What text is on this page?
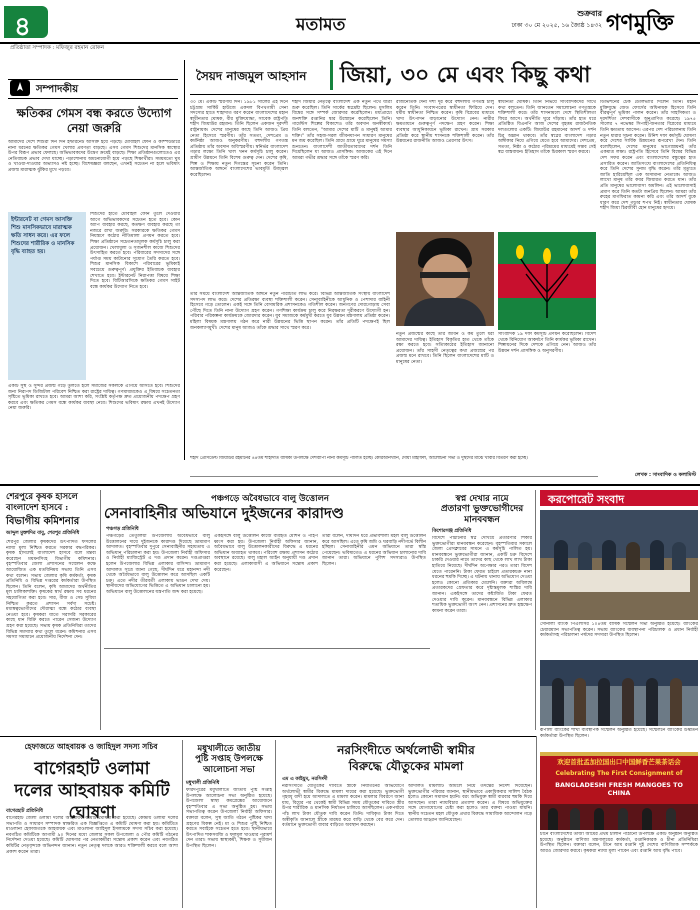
৪	মতামত
শুক্রবার
ঢাকা ৩০ মে ২০২৫, ১৬ জ্যৈষ্ঠ ১৪৩২ গণমুক্তি
প্রতিষ্ঠাতা সম্পাদক : মফিজুর রহমান রোকন
সম্পাদকীয়
ক্ষতিকর গেমস বন্ধ করতে উদ্যোগ নেয়া জরুরি
আমাদের দেশে শিশুরা দিন দিন ইন্টারনেট আসক্ত হয়ে পড়ছে। মোবাইল ফোন ও কম্পিউটারে নানা ধরনের ক্ষতিকর গেমস খেলার প্রবণতা বাড়ছে। এসব গেমস শিশুদের মানসিক স্বাস্থ্যের উপর বিরূপ প্রভাব ফেলছে। অভিভাবকদের উদ্বেগ ক্রমেই বাড়ছে। শিক্ষা প্রতিষ্ঠানগুলোতেও এর নেতিবাচক প্রভাব দেখা যাচ্ছে। পড়াশোনায় অমনোযোগী হয়ে পড়ছে শিক্ষার্থীরা। সময়মতো ঘুম ও খাওয়া-দাওয়ার অভ্যাসও নষ্ট হচ্ছে। বিশেষজ্ঞরা বলছেন, এখনই সচেতন না হলে ভবিষ্যৎ প্রজন্ম মারাত্মক ঝুঁকির মুখে পড়বে।
ইন্টারনেট বা গেমস আসক্তি শিশু মানসিকভাবে মারাত্মক ক্ষতি সাধন করে। এর ফলে শিশুদের শারীরিক ও মানসিক বৃদ্ধি ব্যাহত হয়।
শিশুদের হাতে মোবাইল ফোন তুলে দেওয়ার আগে অভিভাবকদের সচেতন হতে হবে। কোন অ্যাপ ব্যবহার করছে, কতক্ষণ ব্যবহার করছে তা নজরে রাখা জরুরি। সরকারকে ক্ষতিকর গেমস নিয়ন্ত্রণে কঠোর নীতিমালা প্রণয়ন করতে হবে। শিক্ষা প্রতিষ্ঠানে সচেতনতামূলক কর্মসূচি চালু করা প্রয়োজন। খেলাধুলা ও সৃজনশীল কাজে শিশুদের উৎসাহিত করতে হবে। পরিবারের সদস্যদের সঙ্গে পর্যাপ্ত সময় কাটানোর সুযোগ তৈরি করতে হবে। শিশুর মানসিক বিকাশে পরিবারের ভূমিকাই সবচেয়ে গুরুত্বপূর্ণ। প্রযুক্তির ইতিবাচক ব্যবহার শেখাতে হবে। ইন্টারনেট নিরাপত্তা বিষয়ে শিক্ষা দিতে হবে। বিটিআরসিকে ক্ষতিকর গেমস সাইট বন্ধে কার্যকর উদ্যোগ নিতে হবে।
একটি সুস্থ ও সুন্দর প্রজন্ম গড়ে তুলতে হলে সমাজের সকলকে এগিয়ে আসতে হবে। শিশুদের জন্য নিরাপদ ডিজিটাল পরিবেশ নিশ্চিত করা রাষ্ট্রের দায়িত্ব। গণমাধ্যমকেও এ বিষয়ে সচেতনতা সৃষ্টিতে ভূমিকা রাখতে হবে। আমরা আশা করি, সংশ্লিষ্ট কর্তৃপক্ষ দ্রুত প্রয়োজনীয় পদক্ষেপ গ্রহণ করবে এবং ক্ষতিকর গেমস বন্ধে কার্যকর ব্যবস্থা নেবে। শিশুদের ভবিষ্যৎ রক্ষায় এখনই উদ্যোগ নেয়া জরুরি।
সৈয়দ নাজমুল আহসান জিয়া, ৩০ মে এবং কিছু কথা
৩০ মে। একটি স্মরণীয় দিন। ১৯৮১ সালের এই দিনে চট্টগ্রাম সার্কিট হাউজে একদল বিপথগামী সেনা সদস্যের হাতে শাহাদাত বরণ করেন বাংলাদেশের মহান স্বাধীনতার ঘোষক, বীর মুক্তিযোদ্ধা, সাবেক রাষ্ট্রপতি শহীদ জিয়াউর রহমান। তিনি ছিলেন একজন দূরদর্শী রাষ্ট্রনায়ক। দেশের মানুষের কাছে তিনি আজও প্রিয় নেতা হিসেবে স্মরণীয়। তাঁর সততা, দেশপ্রেম ও কর্মনিষ্ঠা আজও অনুকরণীয়। বহুদলীয় গণতন্ত্র প্রতিষ্ঠায় তাঁর অবদান অবিস্মরণীয়। স্বনির্ভর বাংলাদেশ গড়ার লক্ষ্যে তিনি খাল খনন কর্মসূচি চালু করেন। গ্রামীণ উন্নয়নে তিনি বিশেষ গুরুত্ব দেন। দেশের কৃষি, শিল্প ও শিক্ষায় নতুন দিগন্তের সূচনা করেন তিনি। আন্তর্জাতিক অঙ্গনে বাংলাদেশের ভাবমূর্তি উজ্জ্বল করেছিলেন।
শহীদ জিয়ার নেতৃত্বে বাংলাদেশ এক নতুন পথে যাত্রা শুরু করেছিল। তিনি সার্কের স্বপ্নদ্রষ্টা ছিলেন। মুসলিম বিশ্বের সঙ্গে সম্পর্ক জোরদার করেছিলেন। মধ্যপ্রাচ্যে জনশক্তি রপ্তানির দ্বার উন্মোচন করেছিলেন তিনি। গার্মেন্টস শিল্পের বিকাশেও তাঁর অবদান অনস্বীকার্য। তিনি বলতেন, "আমার দেশের মাটি ও মানুষই আমার শক্তি।" তাঁর সহজ-সরল জীবনযাপন সাধারণ মানুষের মন জয় করেছিল। তিনি গ্রামে গ্রামে ঘুরে মানুষের সমস্যা শুনতেন। বাংলাদেশী জাতীয়তাবাদের দর্শন তিনি দিয়েছিলেন যা আজও প্রাসঙ্গিক। আজকের এই দিনে আমরা গভীর শ্রদ্ধার সঙ্গে তাঁকে স্মরণ করি।
রাজনৈতিক দৈন্য দশা দূর করে বহুদলীয় গণতন্ত্র চালু করেন তিনি। সংবাদপত্রের স্বাধীনতা ফিরিয়ে দেন। ধর্মীয় স্বাধীনতা নিশ্চিত করেন। কৃষি বিপ্লবের মাধ্যমে খাদ্য উৎপাদন বাড়ানোর উদ্যোগ নেন। নারীর ক্ষমতায়নে গুরুত্বপূর্ণ পদক্ষেপ গ্রহণ করেন। শিক্ষা ব্যবস্থার আধুনিকায়নে ভূমিকা রাখেন। গ্রাম সরকার প্রতিষ্ঠা করে স্থানীয় শাসনকে শক্তিশালী করেন। তাঁর উন্নয়নের রাজনীতি আজও প্রেরণার উৎস।
স্বাধীনতা ঘোষক। তিনি নির্ভয়ে সাংবাদিকদের সাথে কথা বলতেন। তিনি জানতেন সমালোচনা গণতন্ত্রকে শক্তিশালী করে। তাঁর শাসনামলে দেশে স্থিতিশীলতা ফিরে আসে। অর্থনীতি ঘুরে দাঁড়ায়। তাঁর হাত ধরে প্রতিষ্ঠিত বিএনপি আজ দেশের বৃহত্তম রাজনৈতিক দলগুলোর একটি। জিয়াউর রহমানের আদর্শ ও দর্শন চির অম্লান থাকবে। তাঁর স্বপ্নের বাংলাদেশ গড়ার অঙ্গীকার নিয়ে এগিয়ে যেতে হবে আমাদের। দেশপ্রেম, সততা, নিষ্ঠা ও কঠোর পরিশ্রমের মাধ্যমেই সম্ভব সেই স্বপ্ন বাস্তবায়ন। ইতিহাস তাঁকে চিরকাল স্মরণ করবে।
ডিভিশনের চেক ডেলিভারি দিলেন তিনি। মহান মুক্তিযুদ্ধে জেড ফোর্সের অধিনায়ক হিসেবে তিনি বীরত্বপূর্ণ ভূমিকা পালন করেন। তাঁর সাহসিকতা ও দূরদর্শিতা দেশবাসীকে অনুপ্রাণিত করেছে। ১৯৭৫ সালের ৭ নভেম্বর সিপাহী-জনতার বিপ্লবের মাধ্যমে তিনি ক্ষমতায় আসেন। এরপর দেশ পরিচালনায় তিনি নতুন ধারার সূচনা করেন। উনিশ দফা কর্মসূচি ঘোষণা করে দেশের সার্বিক উন্নয়নের রূপরেখা দেন। তিনি বলেছিলেন, দেশের মানুষের ভাগ্যোন্নয়নই তাঁর একমাত্র লক্ষ্য। রাষ্ট্রপতি হিসেবে তিনি বিশ্বের বিভিন্ন দেশ সফর করেন এবং বাংলাদেশের বন্ধুত্বের হাত প্রসারিত করেন। জাতিসংঘে বাংলাদেশের প্রতিনিধিত্ব করে তিনি দেশের সুনাম বৃদ্ধি করেন। তাঁর মৃত্যুতে জাতি হারিয়েছিল এক অসামান্য নেতাকে। আজও লাখো মানুষ তাঁর কবর জিয়ারত করতে যান। তাঁর প্রতি মানুষের ভালোবাসা অমলিন। এই ভালোবাসাই প্রমাণ করে তিনি কতটা জনপ্রিয় ছিলেন। আমরা তাঁর রুহের মাগফিরাত কামনা করি এবং তাঁর আদর্শ বুকে ধারণ করে দেশ গড়ার শপথ নিই। স্বাধীনতার ঘোষক শহীদ জিয়া চিরজীবী হোন মানুষের হৃদয়ে।
নতুন প্রজন্মের কাছে তাঁর জীবন ও কর্ম তুলে ধরা আমাদের দায়িত্ব। ইতিহাস বিকৃতির হাত থেকে তাঁকে রক্ষা করতে হবে। সত্যিকারের ইতিহাস জানানো প্রয়োজন। তাঁর সাহসী নেতৃত্বের কথা প্রজন্মের পর প্রজন্ম মনে রাখবে। তিনি ছিলেন বাংলাদেশের মাটি ও মানুষের নেতা।
সাংবাদিক ১৯ দফা কর্মসূচি প্রণয়ন করেছিলেন। বিদেশ থেকে বিনিয়োগ আকর্ষণে তিনি কার্যকর ভূমিকা রাখেন। শিল্পায়নের দিকে দেশকে এগিয়ে নেন। আজও তাঁর উন্নয়ন দর্শন প্রাসঙ্গিক ও অনুসরণীয়।
তাঁর সময়ে বাংলাদেশ আন্তর্জাতিক অঙ্গনে নতুন পরিচিতি লাভ করে। বিভিন্ন আন্তর্জাতিক সংস্থায় বাংলাদেশ সদস্যপদ লাভ করে। দেশের প্রতিরক্ষা ব্যবস্থা শক্তিশালী করেন। সেনাবাহিনীকে আধুনিক ও পেশাদার বাহিনী হিসেবে গড়ে তোলেন। একই সঙ্গে তিনি বেসামরিক প্রশাসনকেও গতিশীল করেন। জনগণের দোরগোড়ায় সেবা পৌঁছে দিতে তিনি নানা উদ্যোগ গ্রহণ করেন। গণশিক্ষা কার্যক্রম চালু করে নিরক্ষরতা দূরীকরণে উদ্যোগী হন। পরিবার পরিকল্পনা কার্যক্রমকে জোরদার করেন। যুব সমাজকে কর্মমুখী করতে যুব উন্নয়ন মন্ত্রণালয় প্রতিষ্ঠা করেন। মহিলা বিষয়ক মন্ত্রণালয় গঠন করে নারী উন্নয়নের ভিত্তি স্থাপন করেন। তাঁর প্রতিটি পদক্ষেপই ছিল জনকল্যাণমুখী। দেশের মানুষ আজও তাঁকে শ্রদ্ধার সাথে স্মরণ করে।
লেখক : সাংবাদিক ও কলামিস্ট
শহীদ প্রেসিডেন্ট জিয়াউর রহমানের ৪৪তম শাহাদাত বার্ষিকী উপলক্ষে দেশব্যাপী নানা কর্মসূচি পালিত হচ্ছে। কোরআনখানি, দোয়া মাহফিল, আলোচনা সভা ও দুস্থদের মাঝে খাবার বিতরণ করা হচ্ছে।
শেরপুরে কৃষক হাসলে বাংলাদেশ হাসবে :
বিভাগীয় কমিশনার
আব্দুল মুক্তাদির বাবু, শেরপুর প্রতিনিধি
শেরপুর জেলার কৃষকদের উৎপাদিত ফসলের ন্যায্য মূল্য নিশ্চিত করতে সরকার বদ্ধপরিকর। কৃষক হাসলেই বাংলাদেশ হাসবে বলে মন্তব্য করেছেন ময়মনসিংহ বিভাগীয় কমিশনার। বৃহস্পতিবার জেলা প্রশাসনের সম্মেলন কক্ষে আয়োজিত এক মতবিনিময় সভায় তিনি এসব কথা বলেন। সভায় জেলার কৃষি কর্মকর্তা, কৃষক প্রতিনিধি ও বিভিন্ন দপ্তরের কর্মকর্তারা উপস্থিত ছিলেন। তিনি বলেন, কৃষি আমাদের অর্থনীতির মূল চালিকাশক্তি। কৃষকের স্বার্থ রক্ষায় সব ধরনের সহযোগিতা করা হবে। সার, বীজ ও সেচ সুবিধা নিশ্চিত করতে প্রশাসন সর্বদা সচেষ্ট। মধ্যস্বত্বভোগীদের দৌরাত্ম্য বন্ধে কঠোর ব্যবস্থা নেওয়া হবে। কৃষকরা যাতে সরাসরি সরকারের কাছে ধান বিক্রি করতে পারেন সেজন্য উদ্যোগ গ্রহণ করা হয়েছে। সভায় কৃষক প্রতিনিধিরা তাদের বিভিন্ন সমস্যার কথা তুলে ধরেন। কমিশনার এসব সমস্যা সমাধানে প্রয়োজনীয় নির্দেশনা দেন।
পঞ্চগড়ে অবৈধভাবে বালু উত্তোলন
সেনাবাহিনীর অভিযানে দুইজনের কারাদণ্ড
পঞ্চগড় প্রতিনিধি
পঞ্চগড়ের তেঁতুলিয়া উপজেলায় অবৈধভাবে বালু উত্তোলনের দায়ে দুইজনকে কারাদণ্ড দিয়েছে ভ্রাম্যমাণ আদালত। বৃহস্পতিবার দুপুরে সেনাবাহিনীর সহায়তায় এ অভিযান পরিচালনা করা হয়। উপজেলা নির্বাহী অফিসার ও নির্বাহী ম্যাজিস্ট্রেট এ দণ্ড প্রদান করেন। দণ্ডপ্রাপ্তরা হলেন উপজেলার বিভিন্ন এলাকার বাসিন্দা। ভ্রাম্যমাণ আদালত সূত্রে জানা গেছে, দীর্ঘদিন ধরে মহানন্দা নদী থেকে অবৈধভাবে বালু উত্তোলন করে আসছিল একটি চক্র। এতে নদীর তীরবর্তী এলাকায় ভাঙন দেখা দেয়। স্থানীয়দের অভিযোগের ভিত্তিতে এ অভিযান চালানো হয়। অভিযানে বালু উত্তোলনের যন্ত্রপাতি জব্দ করা হয়েছে।
একইসঙ্গে বালু উত্তোলন কাজে ব্যবহৃত মেশিন ও পাইপ ধ্বংস করা হয়। উপজেলা নির্বাহী অফিসার জানান, অবৈধভাবে বালু উত্তোলনকারীদের বিরুদ্ধে এ ধরনের অভিযান অব্যাহত থাকবে। পরিবেশ রক্ষায় প্রশাসন কঠোর অবস্থানে রয়েছে। বালু মহাল আইন অনুযায়ী দণ্ড প্রদান করা হয়েছে। এলাকাবাসী এ অভিযানে সন্তোষ প্রকাশ করেছেন।
তারা বলেন, দীর্ঘদিন ধরে প্রভাবশালী মহল বালু উত্তোলন করে আসছিল। এতে কৃষি জমি ও ঘরবাড়ি নদীগর্ভে বিলীন হচ্ছিল। সেনাবাহিনীর এমন অভিযানে তারা স্বস্তি পেয়েছেন। ভবিষ্যতেও এ ধরনের অভিযান চালানোর দাবি জানান তারা। অভিযানে পুলিশ সদস্যরাও উপস্থিত ছিলেন।
স্বপ্ন দেখার নামে
প্রতারণা ভুক্তভোগীদের মানববন্ধন
কিশোরগঞ্জ প্রতিনিধি
বিদেশে পাঠানোর স্বপ্ন দেখিয়ে প্রতারণার শিকার ভুক্তভোগীরা মানববন্ধন করেছেন। বৃহস্পতিবার সকালে জেলা প্রেসক্লাবের সামনে এ কর্মসূচি পালিত হয়। মানববন্ধনে ভুক্তভোগীরা জানান, একটি চক্র বিদেশে চাকরি দেওয়ার নামে তাদের কাছ থেকে লাখ লাখ টাকা হাতিয়ে নিয়েছে। দীর্ঘদিন অপেক্ষার পরও তারা বিদেশ যেতে পারেননি। টাকা ফেরত চাইলে প্রতারকচক্র নানা ধরনের হুমকি দিচ্ছে। এ ঘটনায় থানায় অভিযোগ দেওয়া হলেও কোনো প্রতিকার মেলেনি। বক্তারা অবিলম্বে প্রতারকদের গ্রেফতার করে দৃষ্টান্তমূলক শাস্তির দাবি জানান। একইসঙ্গে তাদের কষ্টার্জিত টাকা ফেরত দেওয়ার দাবি করেন। মানববন্ধনে বিভিন্ন এলাকার শতাধিক ভুক্তভোগী অংশ নেন। প্রশাসনের দ্রুত হস্তক্ষেপ কামনা করেন তারা।
করপোরেট সংবাদ
সোনালী ব্যাংক পিএলসির ১০৪তম বার্ষিক সম্মেলন সভা অনুষ্ঠিত হয়েছে। ব্যাংকের চেয়ারম্যান সভাপতিত্ব করেন। সভায় ব্যাংকের ব্যবস্থাপনা পরিচালক ও প্রধান নির্বাহী কর্মকর্তাসহ পরিচালনা পর্ষদের সদস্যরা উপস্থিত ছিলেন।
রূপালী ব্যাংকের শাখা ব্যবস্থাপক সম্মেলন অনুষ্ঠিত হয়েছে। সম্মেলনে ব্যাংকের উর্ধ্বতন কর্মকর্তারা উপস্থিত ছিলেন।
欢迎首批孟加拉国出口中国鲜香芒果茶话会
Celebrating The First Consignment of
BANGLADESHI FRESH MANGOES TO CHINA
চীনে বাংলাদেশের তাজা আমের প্রথম চালান পাঠানো উপলক্ষে একটি অনুষ্ঠান অনুষ্ঠিত হয়েছে। অনুষ্ঠানে বাণিজ্য মন্ত্রণালয়ের কর্মকর্তা, রপ্তানিকারক ও চীনা প্রতিনিধিরা উপস্থিত ছিলেন। বক্তারা বলেন, চীনে আম রপ্তানি দুই দেশের বাণিজ্যিক সম্পর্ককে আরও জোরদার করবে। কৃষকরা ন্যায্য মূল্য পাবেন এবং রপ্তানি আয় বৃদ্ধি পাবে।
হেফাজতে আহবায়ক ও জাহিদুল সদস্য সচিব
বাগেরহাট ওলামা দলের আহবায়ক কমিটি ঘোষণা
বাগেরহাট প্রতিনিধি
বাগেরহাট জেলা ওলামা দলের আহবায়ক কমিটি ঘোষণা করা হয়েছে। কেন্দ্রীয় ওলামা দলের সভাপতি ও সাধারণ সম্পাদক স্বাক্ষরিত এক বিজ্ঞপ্তিতে এ কমিটি ঘোষণা করা হয়। কমিটিতে মাওলানা হেফাজতকে আহবায়ক এবং মাওলানা জাহিদুল ইসলামকে সদস্য সচিব করা হয়েছে। নবগঠিত কমিটিকে আগামী ৯০ দিনের মধ্যে জেলার সকল উপজেলা ও পৌর কমিটি গঠনের নির্দেশনা দেওয়া হয়েছে। কমিটি ঘোষণার পর নেতাকর্মীরা সন্তোষ প্রকাশ করেন এবং নবগঠিত কমিটির নেতৃবৃন্দকে অভিনন্দন জানান। নতুন নেতৃত্ব দলকে আরও শক্তিশালী করবে বলে আশা প্রকাশ করেন তারা।
মধুখালীতে জাতীয়
পুষ্টি সপ্তাহ উপলক্ষে আলোচনা সভা
মধুখালী প্রতিনিধি
ফরিদপুরের মধুখালীতে জাতীয় পুষ্টি সপ্তাহ উপলক্ষে আলোচনা সভা অনুষ্ঠিত হয়েছে। উপজেলা স্বাস্থ্য কমপ্লেক্সের আয়োজনে বৃহস্পতিবার এ সভা অনুষ্ঠিত হয়। সভায় সভাপতিত্ব করেন উপজেলা নির্বাহী অফিসার। বক্তারা বলেন, সুস্থ জাতি গঠনে পুষ্টিকর খাদ্য গ্রহণের বিকল্প নেই। মা ও শিশুর পুষ্টি নিশ্চিত করতে সবাইকে সচেতন হতে হবে। স্থানীয়ভাবে উৎপাদিত শাকসবজি ও ফলমূল খাওয়ার পরামর্শ দেন তারা। সভায় স্বাস্থ্যকর্মী, শিক্ষক ও সুধীজন উপস্থিত ছিলেন।
নরসিংদীতে অর্থলোভী স্বামীর
বিরুদ্ধে যৌতুকের মামলা
এম এ কাইয়ুম, নরসিংদী
নরসিংদীতে যৌতুকের দাবিতে স্ত্রীকে নির্যাতনের অভিযোগে অর্থলোভী স্বামীর বিরুদ্ধে মামলা দায়ের করা হয়েছে। ভুক্তভোগী গৃহবধূ বাদী হয়ে আদালতে এ মামলা করেন। মামলার বিবরণে জানা যায়, বিয়ের পর থেকেই স্বামী বিভিন্ন সময় যৌতুকের দাবিতে স্ত্রীর উপর শারীরিক ও মানসিক নির্যাতন চালিয়ে আসছিলেন। একপর্যায়ে পাঁচ লাখ টাকা যৌতুক দাবি করেন তিনি। দাবিকৃত টাকা দিতে অস্বীকৃতি জানালে স্ত্রীকে মারধর করে বাড়ি থেকে বের করে দেন। বর্তমানে ভুক্তভোগী বাবার বাড়িতে অবস্থান করছেন।
আদালত মামলাটি আমলে নিয়ে তদন্তের নির্দেশ দিয়েছেন। ভুক্তভোগীর পরিবার জানান, স্থানীয়ভাবে একাধিকবার সালিশ বৈঠক হলেও কোনো সমাধান হয়নি। বরং অভিযুক্ত স্বামী বারবার হুমকি দিয়ে আসছেন। তারা ন্যায়বিচার প্রত্যাশা করেন। এ বিষয়ে অভিযুক্তের সঙ্গে যোগাযোগের চেষ্টা করা হলেও তার বক্তব্য পাওয়া যায়নি। স্থানীয় সচেতন মহল যৌতুক প্রথার বিরুদ্ধে সামাজিক আন্দোলন গড়ে তোলার আহ্বান জানিয়েছেন।
